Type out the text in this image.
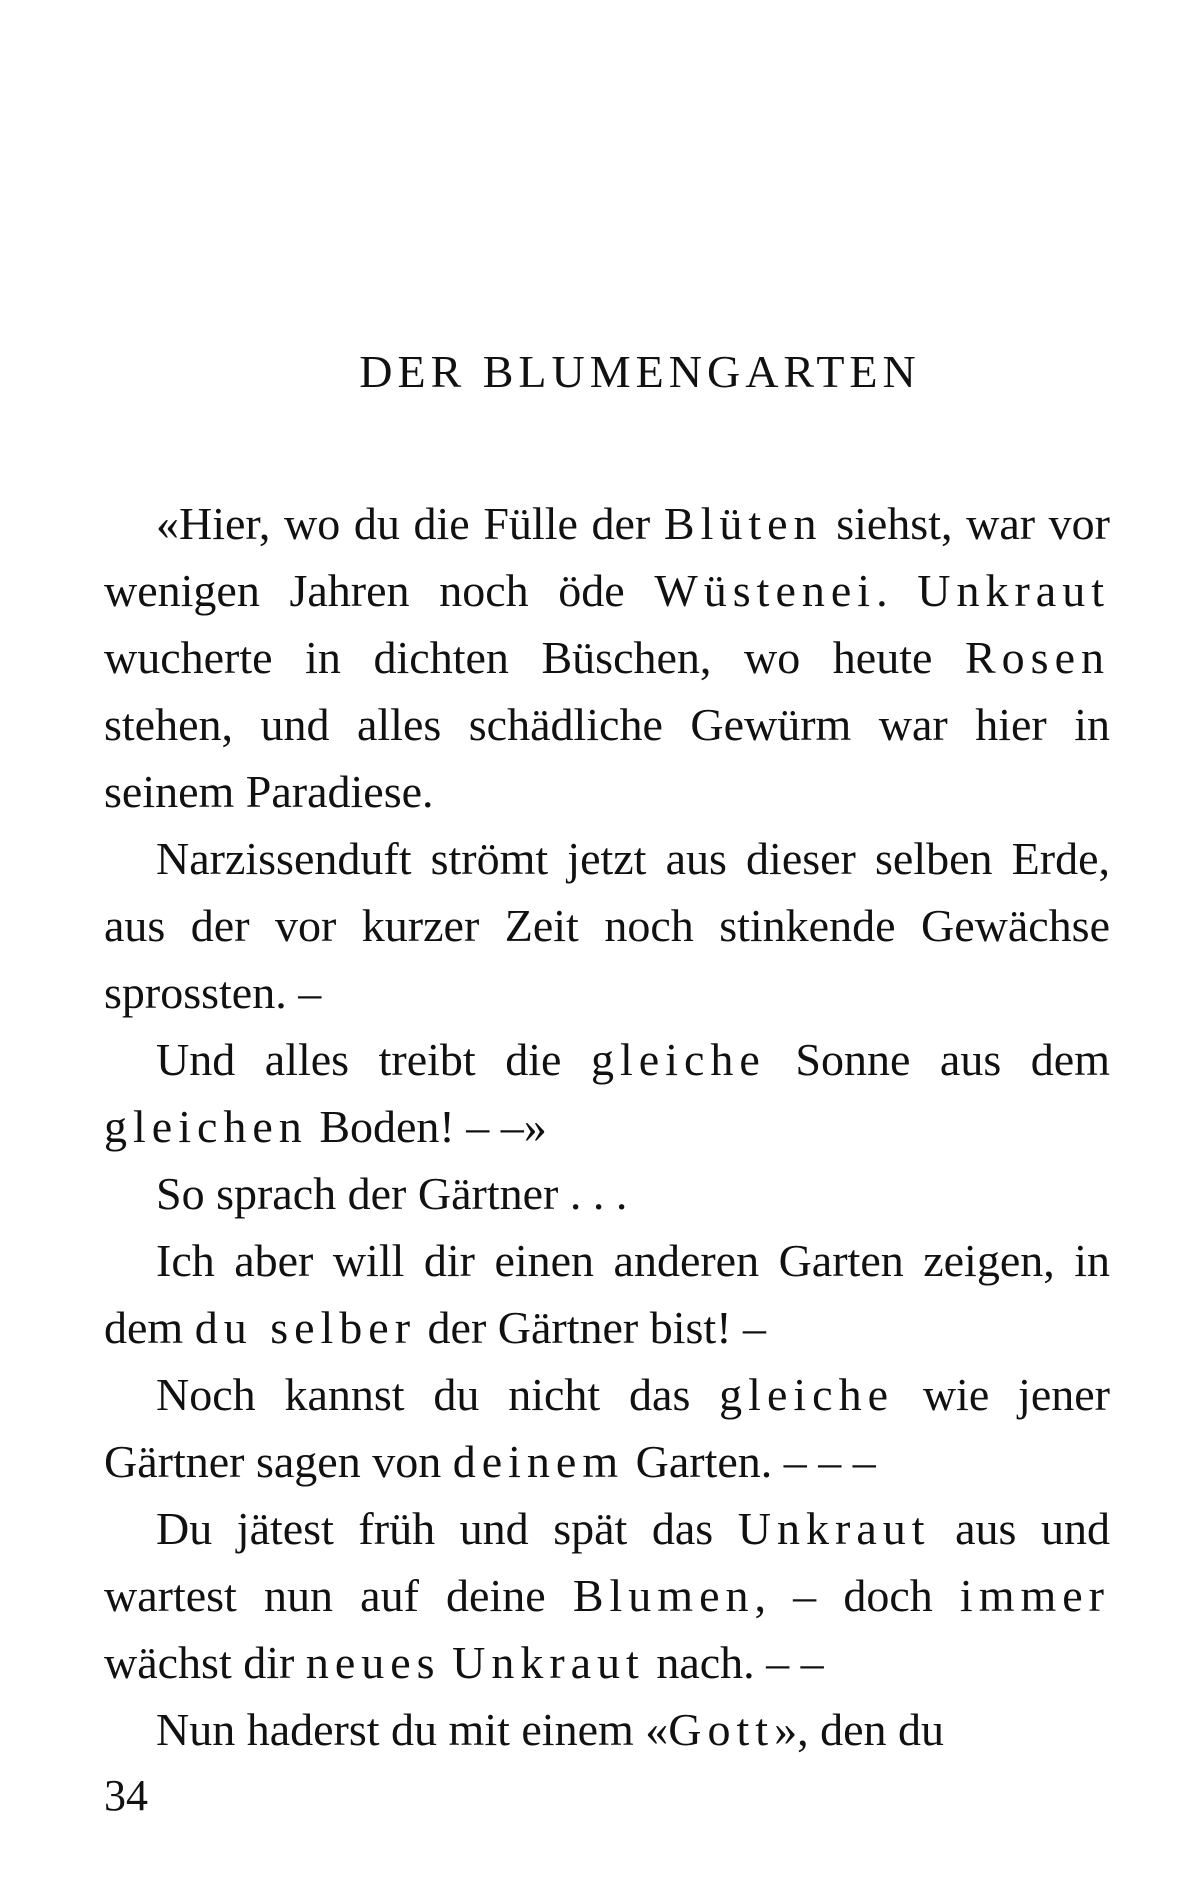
DER BLUMENGARTEN

«Hier, wo du die Fülle der Blüten siehst, war vor wenigen Jahren noch öde Wüstenei. Unkraut wucherte in dichten Büschen, wo heute Rosen stehen, und alles schädliche Gewürm war hier in seinem Paradiese.

Narzissenduft strömt jetzt aus dieser selben Erde, aus der vor kurzer Zeit noch stinkende Gewächse sprossten. –

Und alles treibt die gleiche Sonne aus dem gleichen Boden! – –»

So sprach der Gärtner . . .

Ich aber will dir einen anderen Garten zeigen, in dem du selber der Gärtner bist! –

Noch kannst du nicht das gleiche wie jener Gärtner sagen von deinem Garten. – – –

Du jätest früh und spät das Unkraut aus und wartest nun auf deine Blumen, – doch immer wächst dir neues Unkraut nach. – –

Nun haderst du mit einem «Gott», den du

34
